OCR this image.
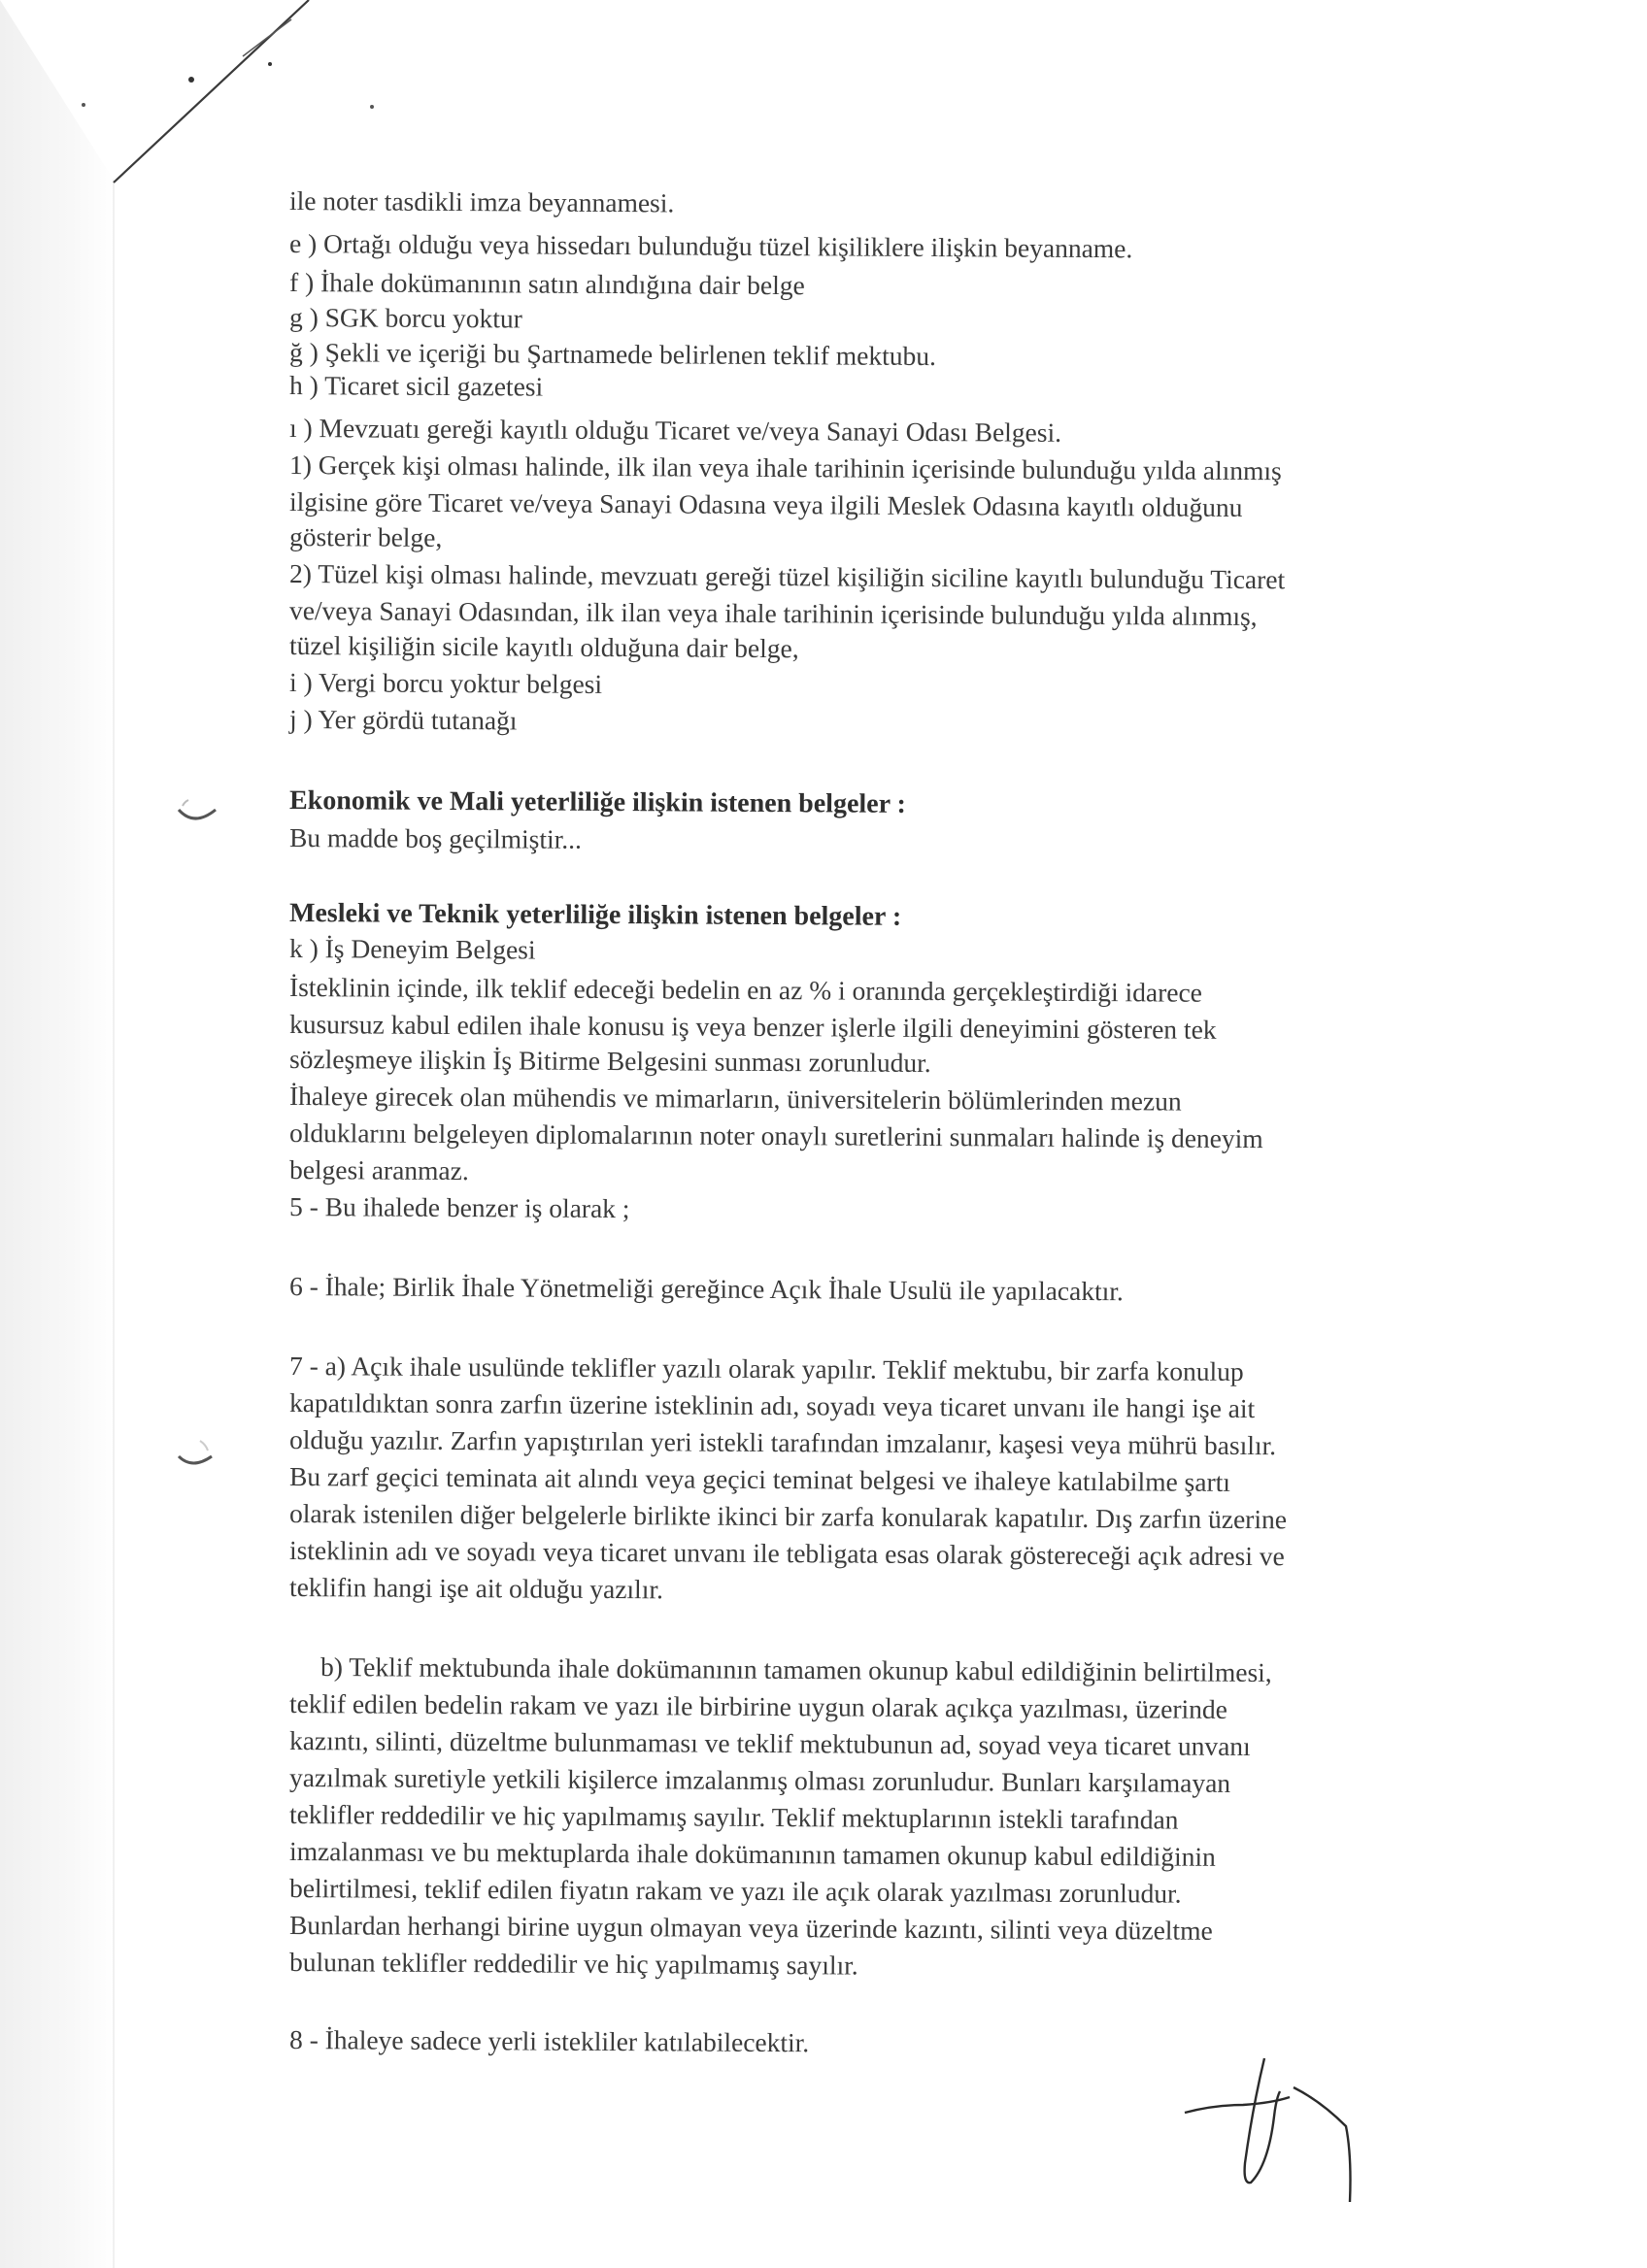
ile noter tasdikli imza beyannamesi.
e ) Ortağı olduğu veya hissedarı bulunduğu tüzel kişiliklere ilişkin beyanname.
f ) İhale dokümanının satın alındığına dair belge
g ) SGK borcu yoktur
ğ ) Şekli ve içeriği bu Şartnamede belirlenen teklif mektubu.
h ) Ticaret sicil gazetesi
ı ) Mevzuatı gereği kayıtlı olduğu Ticaret ve/veya Sanayi Odası Belgesi.
1) Gerçek kişi olması halinde, ilk ilan veya ihale tarihinin içerisinde bulunduğu yılda alınmış
ilgisine göre Ticaret ve/veya Sanayi Odasına veya ilgili Meslek Odasına kayıtlı olduğunu
gösterir belge,
2) Tüzel kişi olması halinde, mevzuatı gereği tüzel kişiliğin siciline kayıtlı bulunduğu Ticaret
ve/veya Sanayi Odasından, ilk ilan veya ihale tarihinin içerisinde bulunduğu yılda alınmış,
tüzel kişiliğin sicile kayıtlı olduğuna dair belge,
i ) Vergi borcu yoktur belgesi
j ) Yer gördü tutanağı
Ekonomik ve Mali yeterliliğe ilişkin istenen belgeler :
Bu madde boş geçilmiştir...
Mesleki ve Teknik yeterliliğe ilişkin istenen belgeler :
k ) İş Deneyim Belgesi
İsteklinin içinde, ilk teklif edeceği bedelin en az % i oranında gerçekleştirdiği idarece
kusursuz kabul edilen ihale konusu iş veya benzer işlerle ilgili deneyimini gösteren tek
sözleşmeye ilişkin İş Bitirme Belgesini sunması zorunludur.
İhaleye girecek olan mühendis ve mimarların, üniversitelerin bölümlerinden mezun
olduklarını belgeleyen diplomalarının noter onaylı suretlerini sunmaları halinde iş deneyim
belgesi aranmaz.
5 - Bu ihalede benzer iş olarak ;
6 - İhale; Birlik İhale Yönetmeliği gereğince Açık İhale Usulü ile yapılacaktır.
7 - a) Açık ihale usulünde teklifler yazılı olarak yapılır. Teklif mektubu, bir zarfa konulup
kapatıldıktan sonra zarfın üzerine isteklinin adı, soyadı veya ticaret unvanı ile hangi işe ait
olduğu yazılır. Zarfın yapıştırılan yeri istekli tarafından imzalanır, kaşesi veya mührü basılır.
Bu zarf geçici teminata ait alındı veya geçici teminat belgesi ve ihaleye katılabilme şartı
olarak istenilen diğer belgelerle birlikte ikinci bir zarfa konularak kapatılır. Dış zarfın üzerine
isteklinin adı ve soyadı veya ticaret unvanı ile tebligata esas olarak göstereceği açık adresi ve
teklifin hangi işe ait olduğu yazılır.
b) Teklif mektubunda ihale dokümanının tamamen okunup kabul edildiğinin belirtilmesi,
teklif edilen bedelin rakam ve yazı ile birbirine uygun olarak açıkça yazılması, üzerinde
kazıntı, silinti, düzeltme bulunmaması ve teklif mektubunun ad, soyad veya ticaret unvanı
yazılmak suretiyle yetkili kişilerce imzalanmış olması zorunludur. Bunları karşılamayan
teklifler reddedilir ve hiç yapılmamış sayılır. Teklif mektuplarının istekli tarafından
imzalanması ve bu mektuplarda ihale dokümanının tamamen okunup kabul edildiğinin
belirtilmesi, teklif edilen fiyatın rakam ve yazı ile açık olarak yazılması zorunludur.
Bunlardan herhangi birine uygun olmayan veya üzerinde kazıntı, silinti veya düzeltme
bulunan teklifler reddedilir ve hiç yapılmamış sayılır.
8 - İhaleye sadece yerli istekliler katılabilecektir.
